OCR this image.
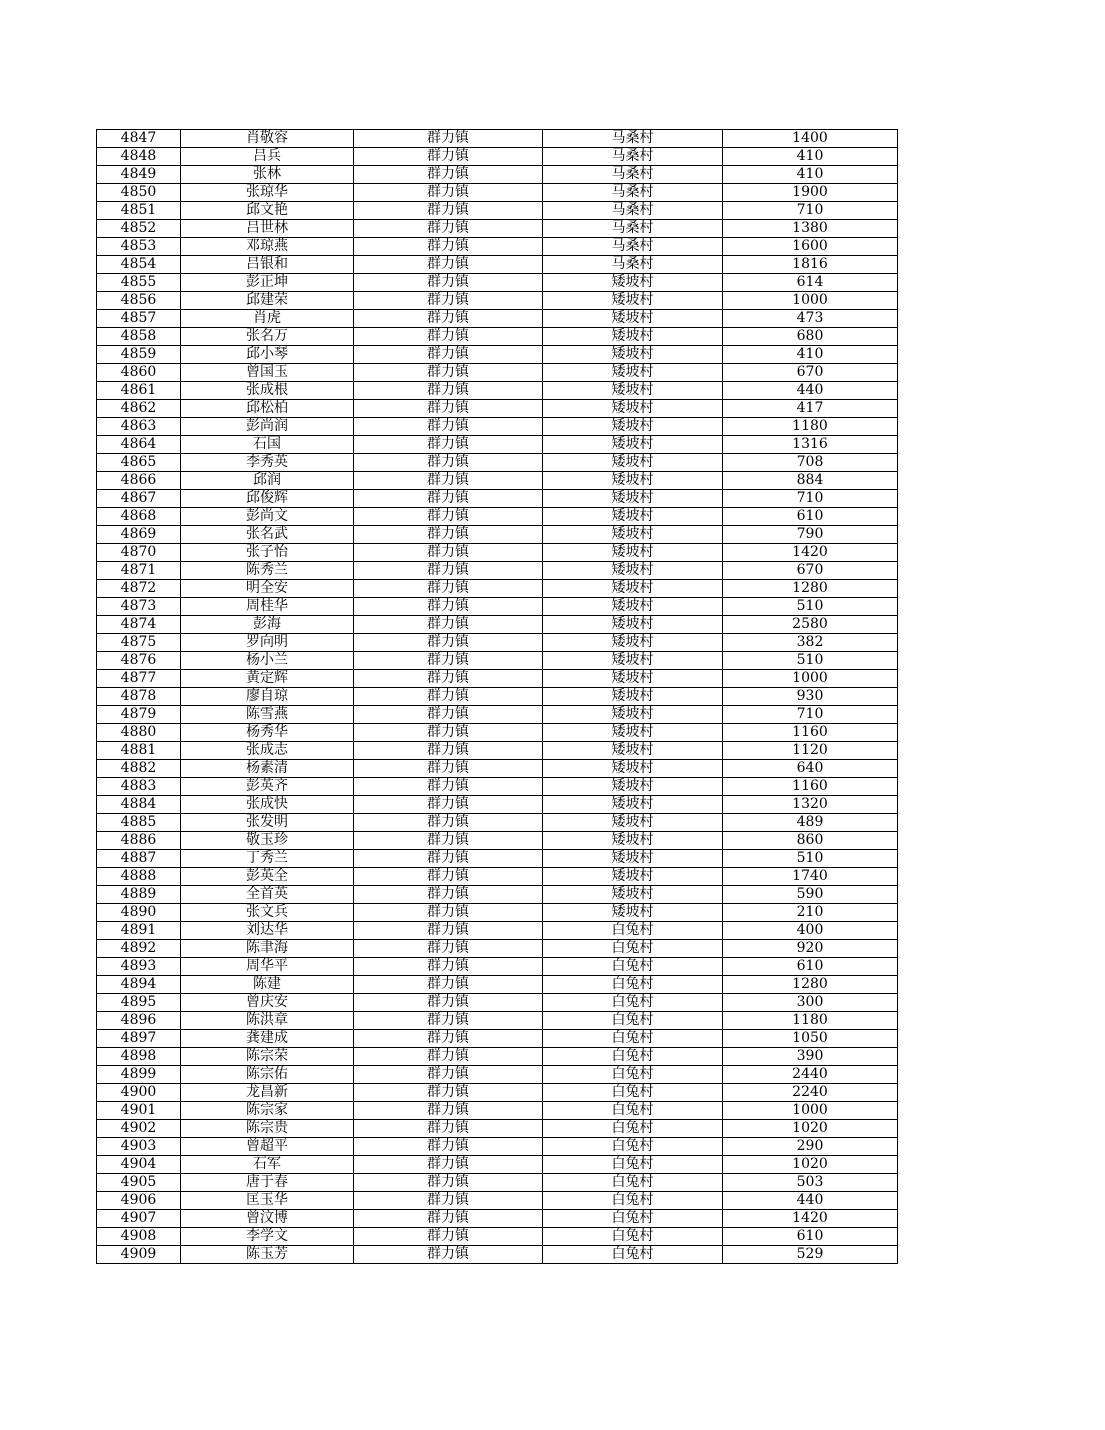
4847	肖敬容	群力镇	马桑村	1400
4848	吕兵	群力镇	马桑村	410
4849	张林	群力镇	马桑村	410
4850	张琼华	群力镇	马桑村	1900
4851	邱文艳	群力镇	马桑村	710
4852	吕世林	群力镇	马桑村	1380
4853	邓琼燕	群力镇	马桑村	1600
4854	吕银和	群力镇	马桑村	1816
4855	彭正坤	群力镇	矮坡村	614
4856	邱建荣	群力镇	矮坡村	1000
4857	肖虎	群力镇	矮坡村	473
4858	张名万	群力镇	矮坡村	680
4859	邱小琴	群力镇	矮坡村	410
4860	曾国玉	群力镇	矮坡村	670
4861	张成根	群力镇	矮坡村	440
4862	邱松柏	群力镇	矮坡村	417
4863	彭尚润	群力镇	矮坡村	1180
4864	石国	群力镇	矮坡村	1316
4865	李秀英	群力镇	矮坡村	708
4866	邱润	群力镇	矮坡村	884
4867	邱俊辉	群力镇	矮坡村	710
4868	彭尚文	群力镇	矮坡村	610
4869	张名武	群力镇	矮坡村	790
4870	张子怡	群力镇	矮坡村	1420
4871	陈秀兰	群力镇	矮坡村	670
4872	明全安	群力镇	矮坡村	1280
4873	周桂华	群力镇	矮坡村	510
4874	彭海	群力镇	矮坡村	2580
4875	罗向明	群力镇	矮坡村	382
4876	杨小兰	群力镇	矮坡村	510
4877	黄定辉	群力镇	矮坡村	1000
4878	廖自琼	群力镇	矮坡村	930
4879	陈雪燕	群力镇	矮坡村	710
4880	杨秀华	群力镇	矮坡村	1160
4881	张成志	群力镇	矮坡村	1120
4882	杨素清	群力镇	矮坡村	640
4883	彭英齐	群力镇	矮坡村	1160
4884	张成快	群力镇	矮坡村	1320
4885	张发明	群力镇	矮坡村	489
4886	敬玉珍	群力镇	矮坡村	860
4887	丁秀兰	群力镇	矮坡村	510
4888	彭英全	群力镇	矮坡村	1740
4889	全首英	群力镇	矮坡村	590
4890	张文兵	群力镇	矮坡村	210
4891	刘达华	群力镇	白兔村	400
4892	陈聿海	群力镇	白兔村	920
4893	周华平	群力镇	白兔村	610
4894	陈建	群力镇	白兔村	1280
4895	曾庆安	群力镇	白兔村	300
4896	陈洪章	群力镇	白兔村	1180
4897	龚建成	群力镇	白兔村	1050
4898	陈宗荣	群力镇	白兔村	390
4899	陈宗佑	群力镇	白兔村	2440
4900	龙昌新	群力镇	白兔村	2240
4901	陈宗家	群力镇	白兔村	1000
4902	陈宗贵	群力镇	白兔村	1020
4903	曾超平	群力镇	白兔村	290
4904	石军	群力镇	白兔村	1020
4905	唐于春	群力镇	白兔村	503
4906	匡玉华	群力镇	白兔村	440
4907	曾汶博	群力镇	白兔村	1420
4908	李学文	群力镇	白兔村	610
4909	陈玉芳	群力镇	白兔村	529
